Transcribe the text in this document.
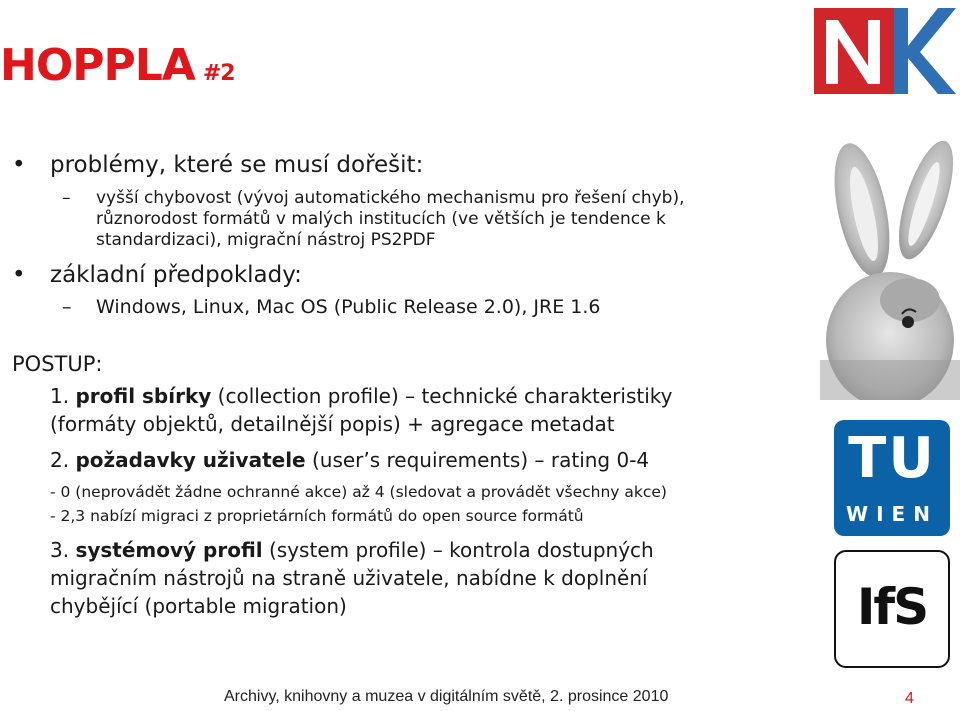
HOPPLA #2
• problémy, které se musí dořešit:
– vyšší chybovost (vývoj automatického mechanismu pro řešení chyb),
různorodost formátů v malých institucích (ve větších je tendence k
standardizaci), migrační nástroj PS2PDF
• základní předpoklady:
– Windows, Linux, Mac OS (Public Release 2.0), JRE 1.6
POSTUP:
1. profil sbírky (collection profile) – technické charakteristiky
(formáty objektů, detailnější popis) + agregace metadat
2. požadavky uživatele (user’s requirements) – rating 0-4
- 0 (neprovádět žádne ochranné akce) až 4 (sledovat a provádět všechny akce)
- 2,3 nabízí migraci z proprietárních formátů do open source formátů
3. systémový profil (system profile) – kontrola dostupných
migračním nástrojů na straně uživatele, nabídne k doplnění
chybějící (portable migration)
TU
WIEN
IfS
Archivy, knihovny a muzea v digitálním světě, 2. prosince 2010	4
